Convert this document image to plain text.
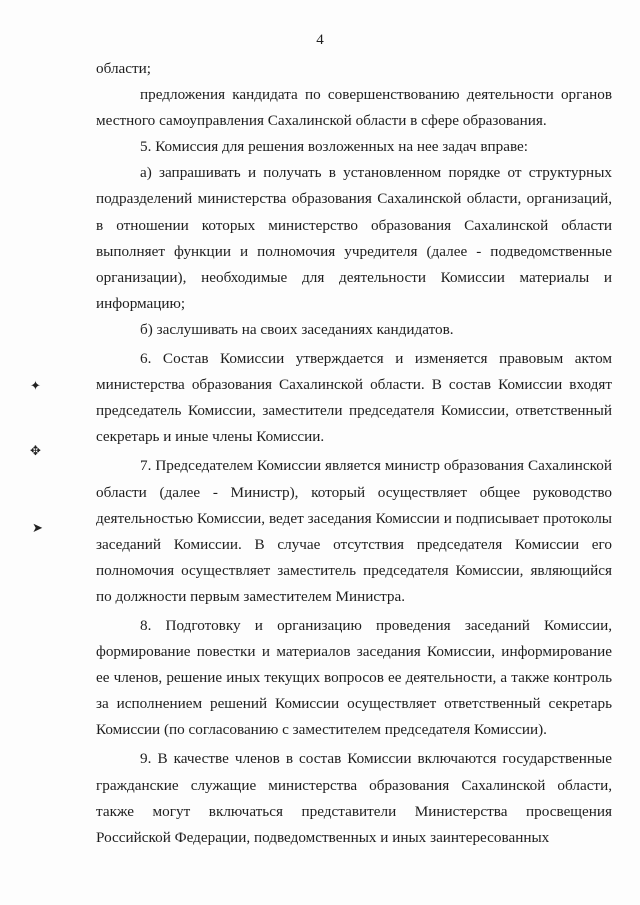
4
✦
✥
➤

области;

предложения кандидата по совершенствованию деятельности органов местного самоуправления Сахалинской области в сфере образования.

5. Комиссия для решения возложенных на нее задач вправе:

а) запрашивать и получать в установленном порядке от структурных подразделений министерства образования Сахалинской области, организаций, в отношении которых министерство образования Сахалинской области выполняет функции и полномочия учредителя (далее - подведомственные организации), необходимые для деятельности Комиссии материалы и информацию;

б) заслушивать на своих заседаниях кандидатов.

6. Состав Комиссии утверждается и изменяется правовым актом министерства образования Сахалинской области. В состав Комиссии входят председатель Комиссии, заместители председателя Комиссии, ответственный секретарь и иные члены Комиссии.

7. Председателем Комиссии является министр образования Сахалинской области (далее - Министр), который осуществляет общее руководство деятельностью Комиссии, ведет заседания Комиссии и подписывает протоколы заседаний Комиссии. В случае отсутствия председателя Комиссии его полномочия осуществляет заместитель председателя Комиссии, являющийся по должности первым заместителем Министра.

8. Подготовку и организацию проведения заседаний Комиссии, формирование повестки и материалов заседания Комиссии, информирование ее членов, решение иных текущих вопросов ее деятельности, а также контроль за исполнением решений Комиссии осуществляет ответственный секретарь Комиссии (по согласованию с заместителем председателя Комиссии).

9. В качестве членов в состав Комиссии включаются государственные гражданские служащие министерства образования Сахалинской области, также могут включаться представители Министерства просвещения Российской Федерации, подведомственных и иных заинтересованных
